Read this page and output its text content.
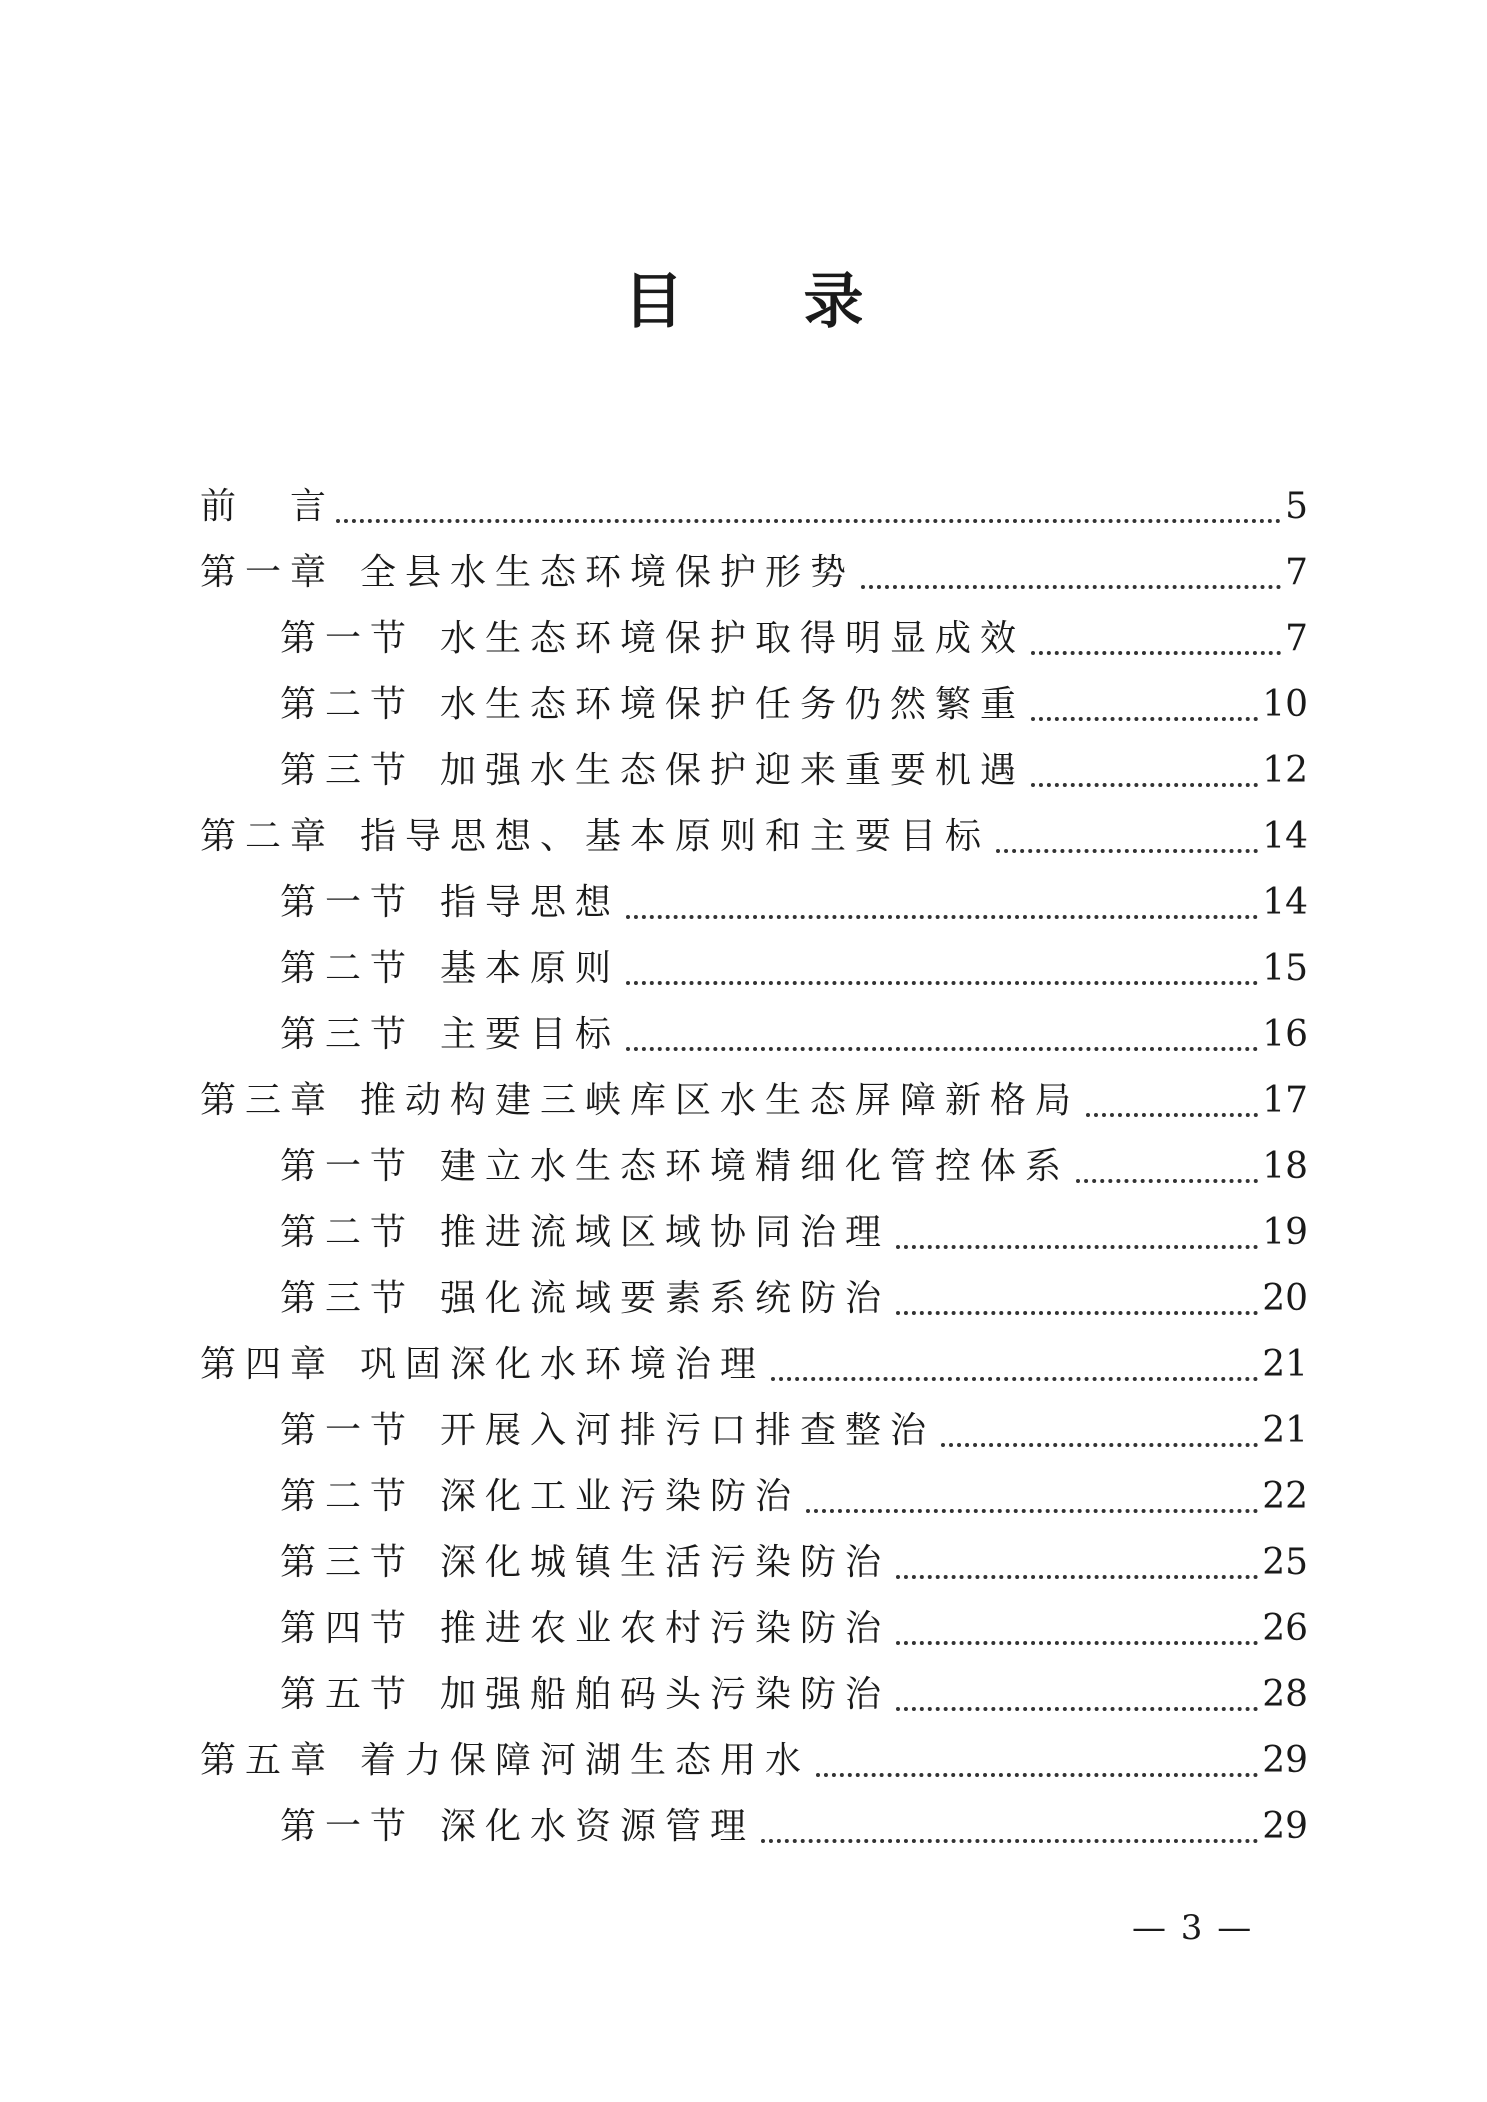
目 录
前　言	5
第一章 全县水生态环境保护形势	7
第一节 水生态环境保护取得明显成效	7
第二节 水生态环境保护任务仍然繁重	10
第三节 加强水生态保护迎来重要机遇	12
第二章 指导思想、基本原则和主要目标	14
第一节 指导思想	14
第二节 基本原则	15
第三节 主要目标	16
第三章 推动构建三峡库区水生态屏障新格局	17
第一节 建立水生态环境精细化管控体系	18
第二节 推进流域区域协同治理	19
第三节 强化流域要素系统防治	20
第四章 巩固深化水环境治理	21
第一节 开展入河排污口排查整治	21
第二节 深化工业污染防治	22
第三节 深化城镇生活污染防治	25
第四节 推进农业农村污染防治	26
第五节 加强船舶码头污染防治	28
第五章 着力保障河湖生态用水	29
第一节 深化水资源管理	29
— 3 —
